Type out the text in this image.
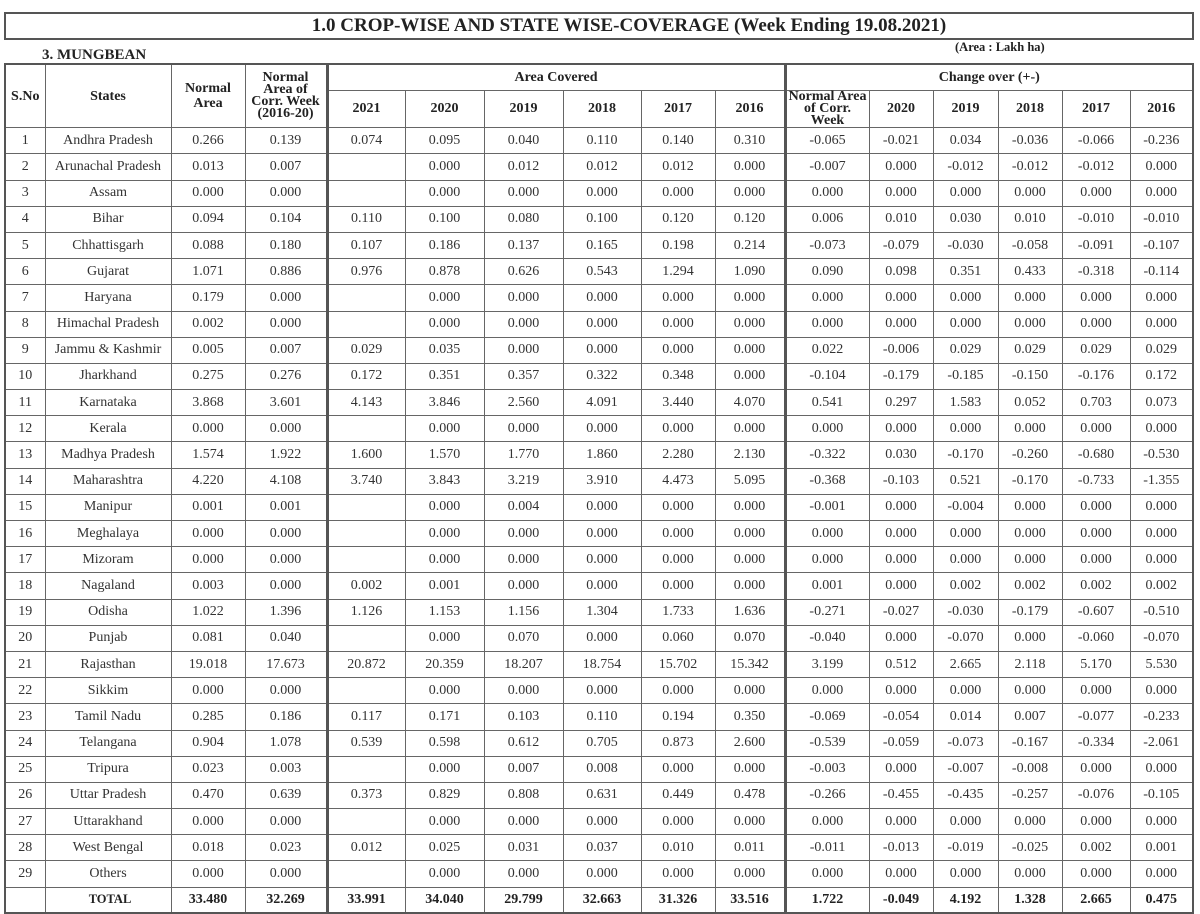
1.0 CROP-WISE AND STATE WISE-COVERAGE (Week Ending 19.08.2021)
3. MUNGBEAN	(Area : Lakh ha)
S.No	States	Normal Area	Normal Area of Corr. Week (2016-20)	Area Covered						Change over (+-)					
				2021	2020	2019	2018	2017	2016	Normal Area of Corr. Week	2020	2019	2018	2017	2016
1	Andhra Pradesh	0.266	0.139	0.074	0.095	0.040	0.110	0.140	0.310	-0.065	-0.021	0.034	-0.036	-0.066	-0.236
2	Arunachal Pradesh	0.013	0.007		0.000	0.012	0.012	0.012	0.000	-0.007	0.000	-0.012	-0.012	-0.012	0.000
3	Assam	0.000	0.000		0.000	0.000	0.000	0.000	0.000	0.000	0.000	0.000	0.000	0.000	0.000
4	Bihar	0.094	0.104	0.110	0.100	0.080	0.100	0.120	0.120	0.006	0.010	0.030	0.010	-0.010	-0.010
5	Chhattisgarh	0.088	0.180	0.107	0.186	0.137	0.165	0.198	0.214	-0.073	-0.079	-0.030	-0.058	-0.091	-0.107
6	Gujarat	1.071	0.886	0.976	0.878	0.626	0.543	1.294	1.090	0.090	0.098	0.351	0.433	-0.318	-0.114
7	Haryana	0.179	0.000		0.000	0.000	0.000	0.000	0.000	0.000	0.000	0.000	0.000	0.000	0.000
8	Himachal Pradesh	0.002	0.000		0.000	0.000	0.000	0.000	0.000	0.000	0.000	0.000	0.000	0.000	0.000
9	Jammu & Kashmir	0.005	0.007	0.029	0.035	0.000	0.000	0.000	0.000	0.022	-0.006	0.029	0.029	0.029	0.029
10	Jharkhand	0.275	0.276	0.172	0.351	0.357	0.322	0.348	0.000	-0.104	-0.179	-0.185	-0.150	-0.176	0.172
11	Karnataka	3.868	3.601	4.143	3.846	2.560	4.091	3.440	4.070	0.541	0.297	1.583	0.052	0.703	0.073
12	Kerala	0.000	0.000		0.000	0.000	0.000	0.000	0.000	0.000	0.000	0.000	0.000	0.000	0.000
13	Madhya Pradesh	1.574	1.922	1.600	1.570	1.770	1.860	2.280	2.130	-0.322	0.030	-0.170	-0.260	-0.680	-0.530
14	Maharashtra	4.220	4.108	3.740	3.843	3.219	3.910	4.473	5.095	-0.368	-0.103	0.521	-0.170	-0.733	-1.355
15	Manipur	0.001	0.001		0.000	0.004	0.000	0.000	0.000	-0.001	0.000	-0.004	0.000	0.000	0.000
16	Meghalaya	0.000	0.000		0.000	0.000	0.000	0.000	0.000	0.000	0.000	0.000	0.000	0.000	0.000
17	Mizoram	0.000	0.000		0.000	0.000	0.000	0.000	0.000	0.000	0.000	0.000	0.000	0.000	0.000
18	Nagaland	0.003	0.000	0.002	0.001	0.000	0.000	0.000	0.000	0.001	0.000	0.002	0.002	0.002	0.002
19	Odisha	1.022	1.396	1.126	1.153	1.156	1.304	1.733	1.636	-0.271	-0.027	-0.030	-0.179	-0.607	-0.510
20	Punjab	0.081	0.040		0.000	0.070	0.000	0.060	0.070	-0.040	0.000	-0.070	0.000	-0.060	-0.070
21	Rajasthan	19.018	17.673	20.872	20.359	18.207	18.754	15.702	15.342	3.199	0.512	2.665	2.118	5.170	5.530
22	Sikkim	0.000	0.000		0.000	0.000	0.000	0.000	0.000	0.000	0.000	0.000	0.000	0.000	0.000
23	Tamil Nadu	0.285	0.186	0.117	0.171	0.103	0.110	0.194	0.350	-0.069	-0.054	0.014	0.007	-0.077	-0.233
24	Telangana	0.904	1.078	0.539	0.598	0.612	0.705	0.873	2.600	-0.539	-0.059	-0.073	-0.167	-0.334	-2.061
25	Tripura	0.023	0.003		0.000	0.007	0.008	0.000	0.000	-0.003	0.000	-0.007	-0.008	0.000	0.000
26	Uttar Pradesh	0.470	0.639	0.373	0.829	0.808	0.631	0.449	0.478	-0.266	-0.455	-0.435	-0.257	-0.076	-0.105
27	Uttarakhand	0.000	0.000		0.000	0.000	0.000	0.000	0.000	0.000	0.000	0.000	0.000	0.000	0.000
28	West Bengal	0.018	0.023	0.012	0.025	0.031	0.037	0.010	0.011	-0.011	-0.013	-0.019	-0.025	0.002	0.001
29	Others	0.000	0.000		0.000	0.000	0.000	0.000	0.000	0.000	0.000	0.000	0.000	0.000	0.000
	TOTAL	33.480	32.269	33.991	34.040	29.799	32.663	31.326	33.516	1.722	-0.049	4.192	1.328	2.665	0.475
